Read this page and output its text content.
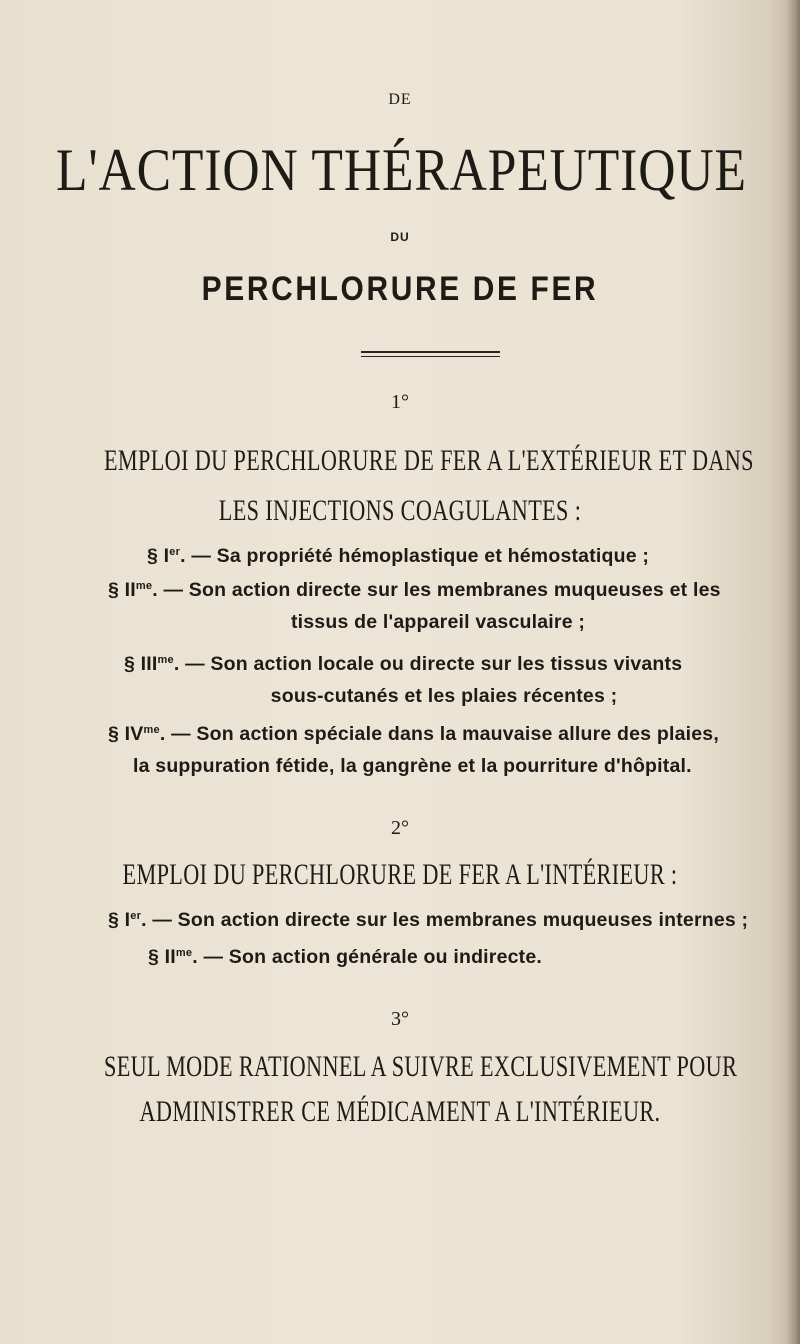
DE
L'ACTION THÉRAPEUTIQUE
DU
PERCHLORURE DE FER
1°
EMPLOI DU PERCHLORURE DE FER A L'EXTÉRIEUR ET DANS
LES INJECTIONS COAGULANTES :
§ Ier. — Sa propriété hémoplastique et hémostatique ;
§ $II^{me}$. — Son action directe sur les membranes muqueuses et les
tissus de l'appareil vasculaire ;
§ $III^{me}$. — Son action locale ou directe sur les tissus vivants
sous-cutanés et les plaies récentes ;
§ $IV^{me}$. — Son action spéciale dans la mauvaise allure des plaies,
la suppuration fétide, la gangrène et la pourriture d'hôpital.
2°
EMPLOI DU PERCHLORURE DE FER A L'INTÉRIEUR :
§ Ier. — Son action directe sur les membranes muqueuses internes ;
§ $II^{me}$. — Son action générale ou indirecte.
3°
SEUL MODE RATIONNEL A SUIVRE EXCLUSIVEMENT POUR
ADMINISTRER CE MÉDICAMENT A L'INTÉRIEUR.
